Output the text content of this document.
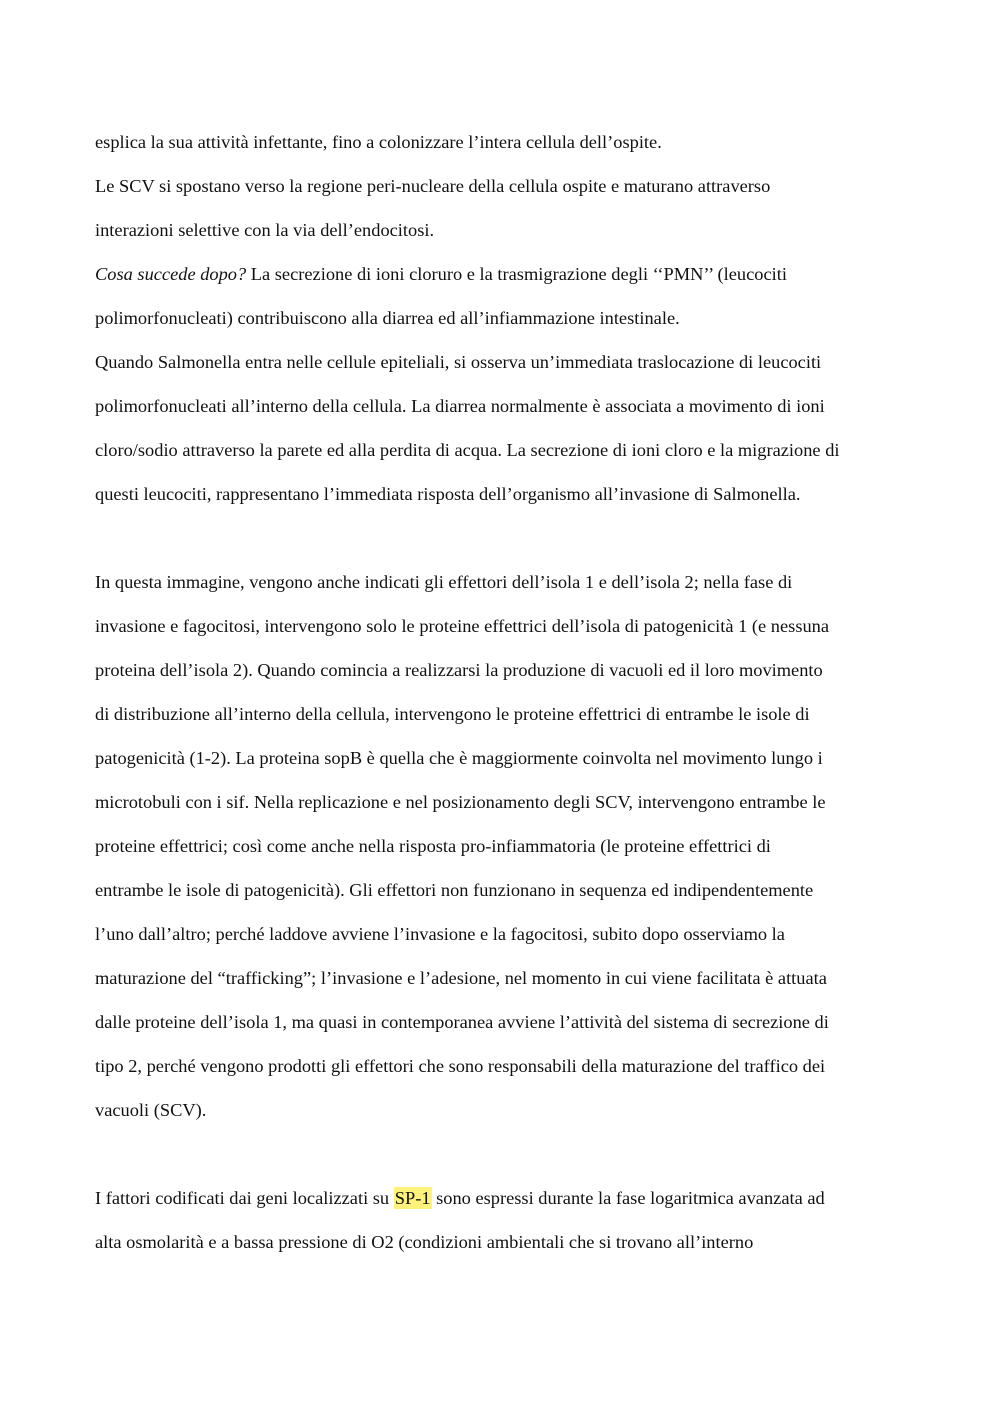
esplica la sua attività infettante, fino a colonizzare l’intera cellula dell’ospite.
Le SCV si spostano verso la regione peri-nucleare della cellula ospite e maturano attraverso
interazioni selettive con la via dell’endocitosi.
Cosa succede dopo? La secrezione di ioni cloruro e la trasmigrazione degli ‘‘PMN’’ (leucociti
polimorfonucleati) contribuiscono alla diarrea ed all’infiammazione intestinale.
Quando Salmonella entra nelle cellule epiteliali, si osserva un’immediata traslocazione di leucociti
polimorfonucleati all’interno della cellula. La diarrea normalmente è associata a movimento di ioni
cloro/sodio attraverso la parete ed alla perdita di acqua. La secrezione di ioni cloro e la migrazione di
questi leucociti, rappresentano l’immediata risposta dell’organismo all’invasione di Salmonella.
In questa immagine, vengono anche indicati gli effettori dell’isola 1 e dell’isola 2; nella fase di
invasione e fagocitosi, intervengono solo le proteine effettrici dell’isola di patogenicità 1 (e nessuna
proteina dell’isola 2). Quando comincia a realizzarsi la produzione di vacuoli ed il loro movimento
di distribuzione all’interno della cellula, intervengono le proteine effettrici di entrambe le isole di
patogenicità (1-2). La proteina sopB è quella che è maggiormente coinvolta nel movimento lungo i
microtobuli con i sif. Nella replicazione e nel posizionamento degli SCV, intervengono entrambe le
proteine effettrici; così come anche nella risposta pro-infiammatoria (le proteine effettrici di
entrambe le isole di patogenicità). Gli effettori non funzionano in sequenza ed indipendentemente
l’uno dall’altro; perché laddove avviene l’invasione e la fagocitosi, subito dopo osserviamo la
maturazione del “trafficking”; l’invasione e l’adesione, nel momento in cui viene facilitata è attuata
dalle proteine dell’isola 1, ma quasi in contemporanea avviene l’attività del sistema di secrezione di
tipo 2, perché vengono prodotti gli effettori che sono responsabili della maturazione del traffico dei
vacuoli (SCV).
I fattori codificati dai geni localizzati su SP-1 sono espressi durante la fase logaritmica avanzata ad
alta osmolarità e a bassa pressione di O2 (condizioni ambientali che si trovano all’interno
